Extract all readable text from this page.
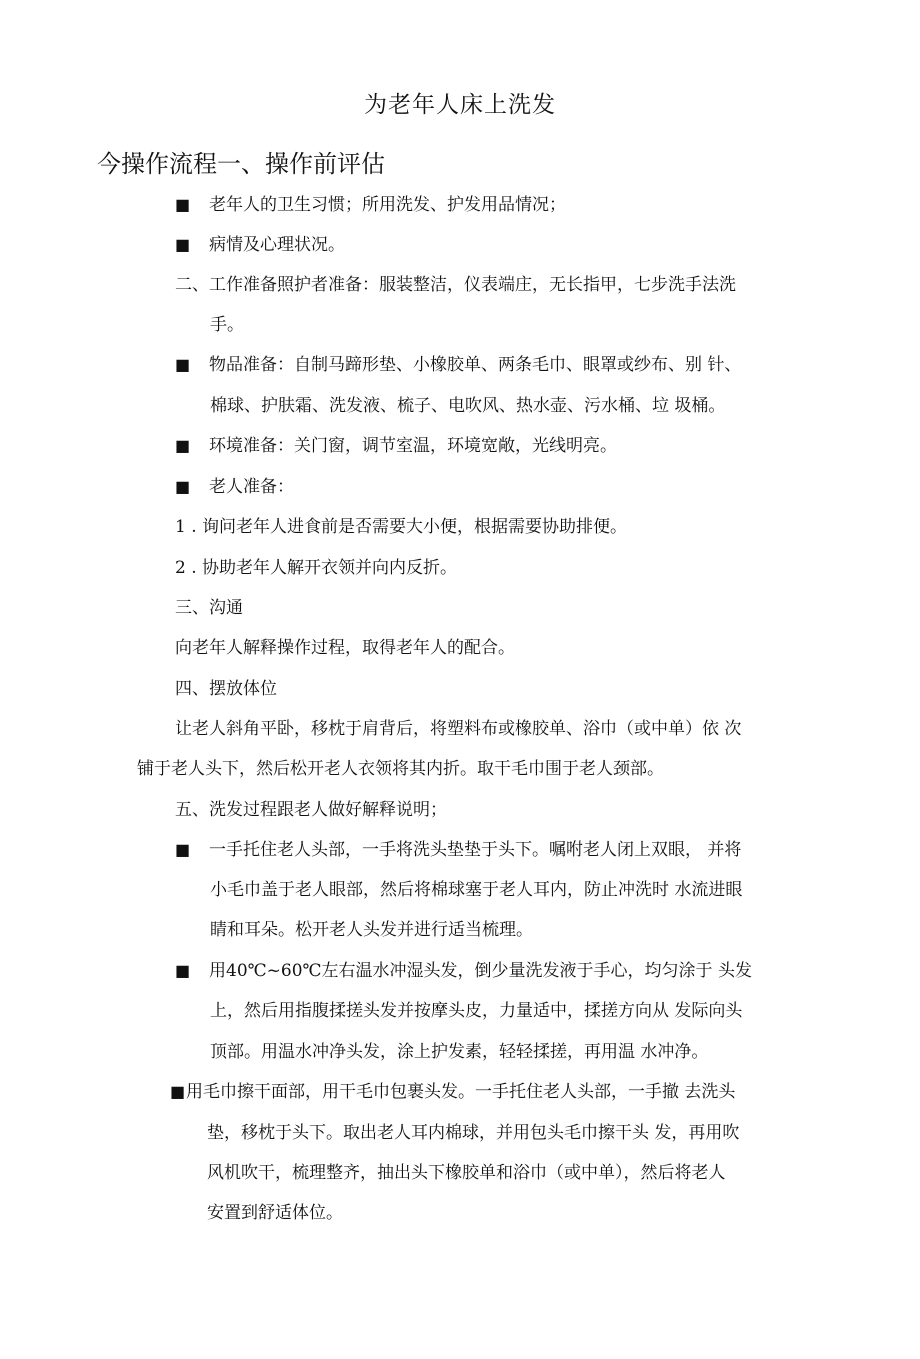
为老年人床上洗发
今操作流程一、操作前评估
■ 老年人的卫生习惯；所用洗发、护发用品情况；
■ 病情及心理状况。
二、工作准备照护者准备：服装整洁，仪表端庄，无长指甲，七步洗手法洗
手。
■ 物品准备：自制马蹄形垫、小橡胶单、两条毛巾、眼罩或纱布、别 针、
棉球、护肤霜、洗发液、梳子、电吹风、热水壶、污水桶、垃 圾桶。
■ 环境准备：关门窗，调节室温，环境宽敞，光线明亮。
■ 老人准备：
1 . 询问老年人进食前是否需要大小便，根据需要协助排便。
2 . 协助老年人解开衣领并向内反折。
三、沟通
向老年人解释操作过程，取得老年人的配合。
四、摆放体位
让老人斜角平卧，移枕于肩背后，将塑料布或橡胶单、浴巾（或中单）依 次
铺于老人头下，然后松开老人衣领将其内折。取干毛巾围于老人颈部。
五、洗发过程跟老人做好解释说明；
■ 一手托住老人头部，一手将洗头垫垫于头下。嘱咐老人闭上双眼， 并将
小毛巾盖于老人眼部，然后将棉球塞于老人耳内，防止冲洗时 水流进眼
睛和耳朵。松开老人头发并进行适当梳理。
■ 用40℃~60℃左右温水冲湿头发，倒少量洗发液于手心，均匀涂于 头发
上，然后用指腹揉搓头发并按摩头皮，力量适中，揉搓方向从 发际向头
顶部。用温水冲净头发，涂上护发素，轻轻揉搓，再用温 水冲净。
■用毛巾擦干面部，用干毛巾包裹头发。一手托住老人头部，一手撤 去洗头
垫，移枕于头下。取出老人耳内棉球，并用包头毛巾擦干头 发，再用吹
风机吹干，梳理整齐，抽出头下橡胶单和浴巾（或中单），然后将老人
安置到舒适体位。
